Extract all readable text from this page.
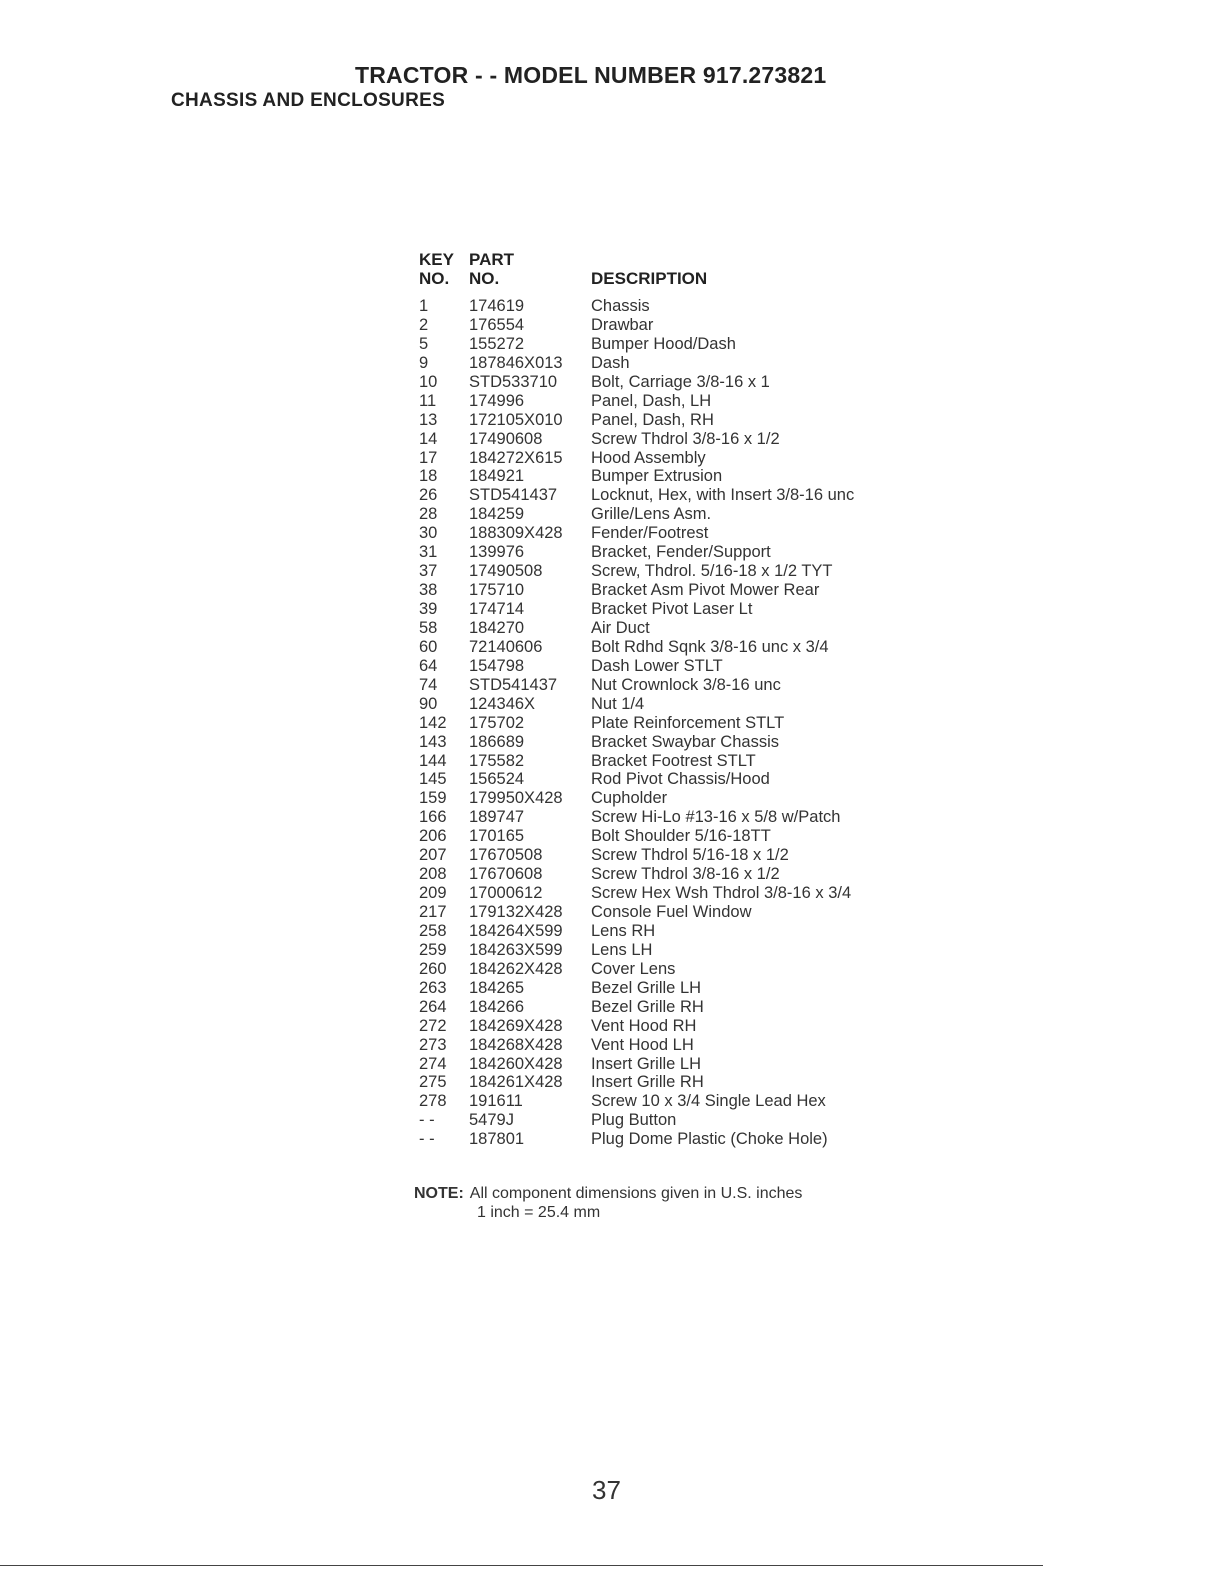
TRACTOR - - MODEL NUMBER 917.273821
CHASSIS AND ENCLOSURES
KEY
NO.
PART
NO.	DESCRIPTION
1 174619	Chassis
2 176554	Drawbar
5 155272	Bumper Hood/Dash
9 187846X013 Dash
10 STD533710 Bolt, Carriage 3/8-16 x 1
11 174996	Panel, Dash, LH
13 172105X010 Panel, Dash, RH
14 17490608	Screw Thdrol 3/8-16 x 1/2
17 184272X615 Hood Assembly
18 184921	Bumper Extrusion
26 STD541437 Locknut, Hex, with Insert 3/8-16 unc
28 184259	Grille/Lens Asm.
30 188309X428 Fender/Footrest
31 139976	Bracket, Fender/Support
37 17490508	Screw, Thdrol. 5/16-18 x 1/2 TYT
38 175710	Bracket Asm Pivot Mower Rear
39 174714	Bracket Pivot Laser Lt
58 184270	Air Duct
60 72140606	Bolt Rdhd Sqnk 3/8-16 unc x 3/4
64 154798	Dash Lower STLT
74 STD541437 Nut Crownlock 3/8-16 unc
90 124346X	Nut 1/4
142 175702	Plate Reinforcement STLT
143 186689	Bracket Swaybar Chassis
144 175582	Bracket Footrest STLT
145 156524	Rod Pivot Chassis/Hood
159 179950X428 Cupholder
166 189747	Screw Hi-Lo #13-16 x 5/8 w/Patch
206 170165	Bolt Shoulder 5/16-18TT
207 17670508	Screw Thdrol 5/16-18 x 1/2
208 17670608	Screw Thdrol 3/8-16 x 1/2
209 17000612	Screw Hex Wsh Thdrol 3/8-16 x 3/4
217 179132X428 Console Fuel Window
258 184264X599 Lens RH
259 184263X599 Lens LH
260 184262X428 Cover Lens
263 184265	Bezel Grille LH
264 184266	Bezel Grille RH
272 184269X428 Vent Hood RH
273 184268X428 Vent Hood LH
274 184260X428 Insert Grille LH
275 184261X428 Insert Grille RH
278 191611	Screw 10 x 3/4 Single Lead Hex
- - 5479J	Plug Button
- - 187801	Plug Dome Plastic (Choke Hole)
NOTE: All component dimensions given in U.S. inches
1 inch = 25.4 mm
37
